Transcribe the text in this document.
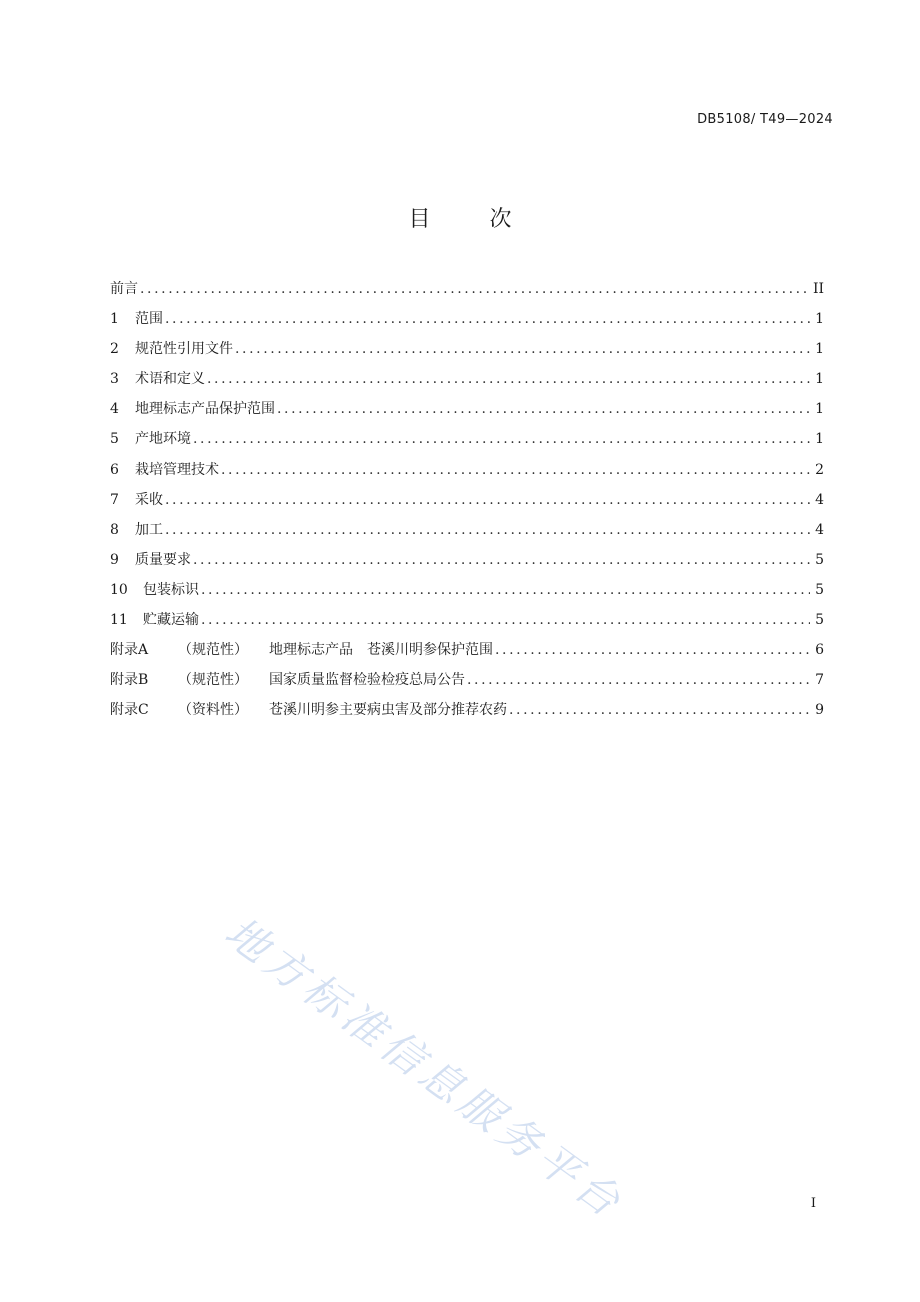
DB5108/ T49—2024
目 次
前言 .....	II
1	范围 .....	1
2	规范性引用文件 .....	1
3	术语和定义 .....	1
4	地理标志产品保护范围 .....	1
5	产地环境 .....	1
6	栽培管理技术 .....	2
7	采收 .....	4
8	加工 .....	4
9	质量要求 .....	5
10	包装标识 .....	5
11	贮藏运输 .....	5
附录A	（规范性）	地理标志产品　苍溪川明参保护范围 .....	6
附录B	（规范性）	国家质量监督检验检疫总局公告 .....	7
附录C	（资料性）	苍溪川明参主要病虫害及部分推荐农药 .....	9
地方标准信息服务平台	I
